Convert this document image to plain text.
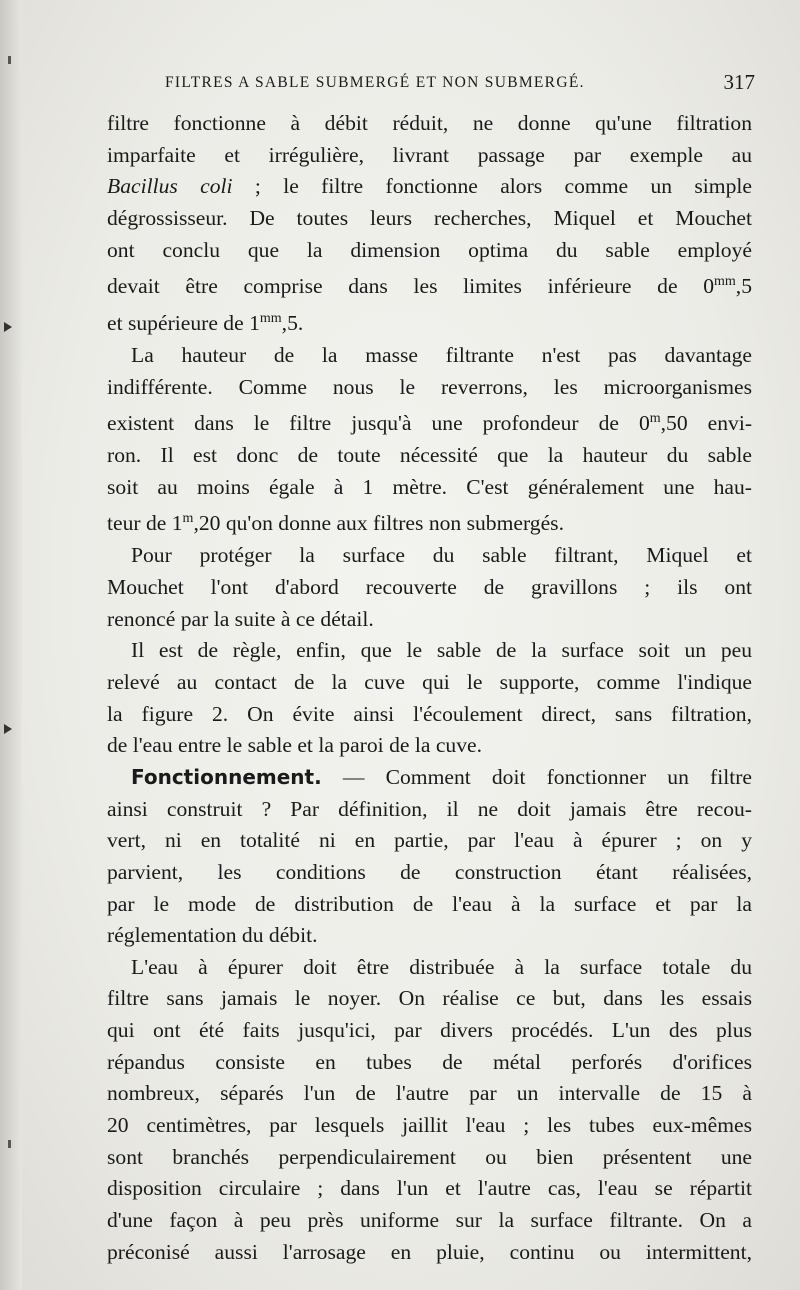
FILTRES A SABLE SUBMERGÉ ET NON SUBMERGÉ.	317
filtre fonctionne à débit réduit, ne donne qu'une filtration
imparfaite et irrégulière, livrant passage par exemple au
Bacillus coli ; le filtre fonctionne alors comme un simple
dégrossisseur. De toutes leurs recherches, Miquel et Mouchet
ont conclu que la dimension optima du sable employé
devait être comprise dans les limites inférieure de $0^{mm},5$
et supérieure de $1^{mm},5$.
La hauteur de la masse filtrante n'est pas davantage
indifférente. Comme nous le reverrons, les microorganismes
existent dans le filtre jusqu'à une profondeur de 0$^m$,50 envi-
ron. Il est donc de toute nécessité que la hauteur du sable
soit au moins égale à 1 mètre. C'est généralement une hau-
teur de 1$^m$,20 qu'on donne aux filtres non submergés.
Pour protéger la surface du sable filtrant, Miquel et
Mouchet l'ont d'abord recouverte de gravillons ; ils ont
renoncé par la suite à ce détail.
Il est de règle, enfin, que le sable de la surface soit un peu
relevé au contact de la cuve qui le supporte, comme l'indique
la figure 2. On évite ainsi l'écoulement direct, sans filtration,
de l'eau entre le sable et la paroi de la cuve.
Fonctionnement. — Comment doit fonctionner un filtre
ainsi construit ? Par définition, il ne doit jamais être recou-
vert, ni en totalité ni en partie, par l'eau à épurer ; on y
parvient, les conditions de construction étant réalisées,
par le mode de distribution de l'eau à la surface et par la
réglementation du débit.
L'eau à épurer doit être distribuée à la surface totale du
filtre sans jamais le noyer. On réalise ce but, dans les essais
qui ont été faits jusqu'ici, par divers procédés. L'un des plus
répandus consiste en tubes de métal perforés d'orifices
nombreux, séparés l'un de l'autre par un intervalle de 15 à
20 centimètres, par lesquels jaillit l'eau ; les tubes eux-mêmes
sont branchés perpendiculairement ou bien présentent une
disposition circulaire ; dans l'un et l'autre cas, l'eau se répartit
d'une façon à peu près uniforme sur la surface filtrante. On a
préconisé aussi l'arrosage en pluie, continu ou intermittent,
